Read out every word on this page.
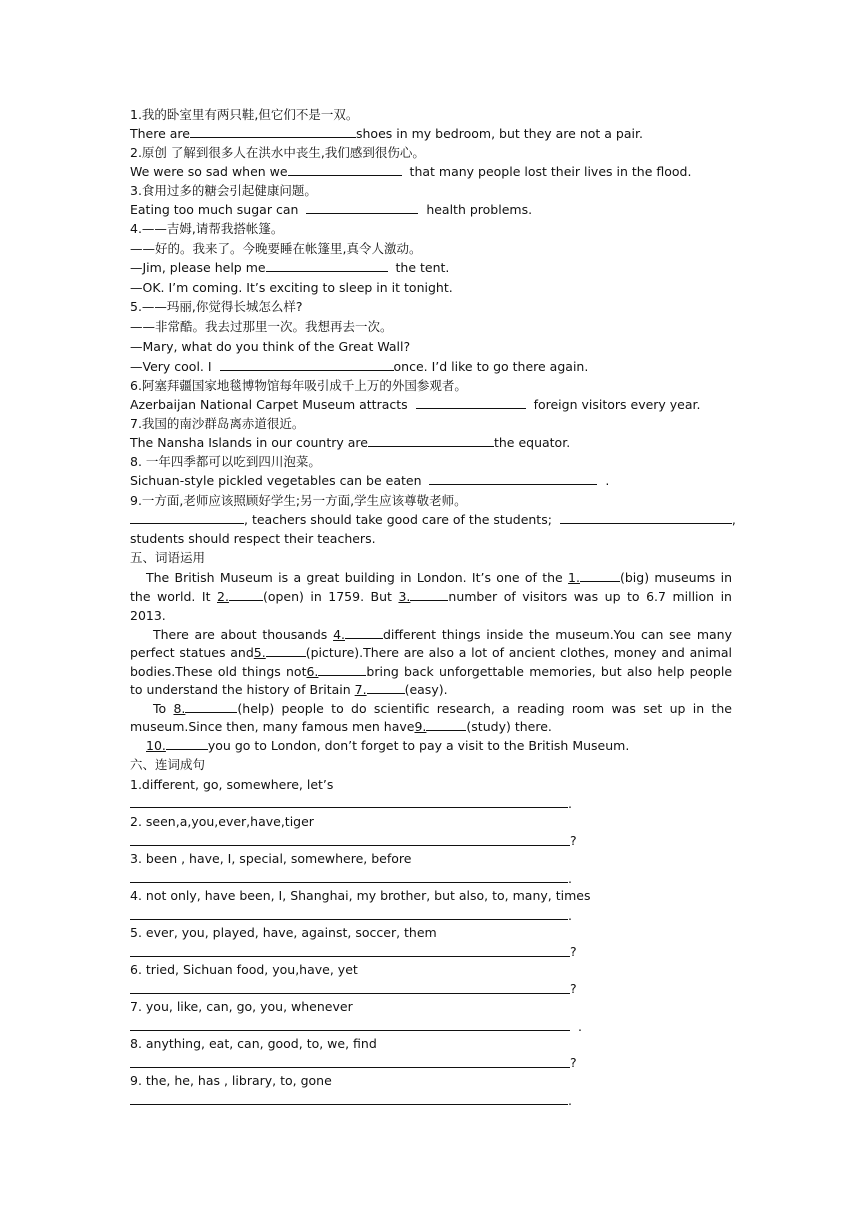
1.我的卧室里有两只鞋,但它们不是一双。
There are	shoes in my bedroom, but they are not a pair.
2.原创 了解到很多人在洪水中丧生,我们感到很伤心。
We were so sad when we	that many people lost their lives in the flood.
3.食用过多的糖会引起健康问题。
Eating too much sugar can	health problems.
4.——吉姆,请帮我搭帐篷。
——好的。我来了。今晚要睡在帐篷里,真令人激动。
—Jim, please help me	the tent.
—OK. I’m coming. It’s exciting to sleep in it tonight.
5.——玛丽,你觉得长城怎么样?
——非常酷。我去过那里一次。我想再去一次。
—Mary, what do you think of the Great Wall?
—Very cool. I	once. I’d like to go there again.
6.阿塞拜疆国家地毯博物馆每年吸引成千上万的外国参观者。
Azerbaijan National Carpet Museum attracts	foreign visitors every year.
7.我国的南沙群岛离赤道很近。
The Nansha Islands in our country are	the equator.
8. 一年四季都可以吃到四川泡菜。
Sichuan-style pickled vegetables can be eaten	.
9.一方面,老师应该照顾好学生;另一方面,学生应该尊敬老师。
, teachers should take good care of the students;	,
students should respect their teachers.
五、词语运用
The British Museum is a great building in London. It’s one of the 1.	(big) museums in
the world. It 2.	(open) in 1759. But 3.	number of visitors was up to 6.7 million in
2013.
There are about thousands 4.	different things inside the museum.You can see many
perfect statues and5.	(picture).There are also a lot of ancient clothes, money and animal
bodies.These old things not6.	bring back unforgettable memories, but also help people
to understand the history of Britain 7.	(easy).
To 8.	(help) people to do scientific research, a reading room was set up in the
museum.Since then, many famous men have9.	(study) there.
10.	you go to London, don’t forget to pay a visit to the British Museum.
六、连词成句
1.different, go, somewhere, let’s
.
2. seen,a,you,ever,have,tiger
?
3. been , have, I, special, somewhere, before
.
4. not only, have been, I, Shanghai, my brother, but also, to, many, times
.
5. ever, you, played, have, against, soccer, them
?
6. tried, Sichuan food, you,have, yet
?
7. you, like, can, go, you, whenever
.
8. anything, eat, can, good, to, we, find
?
9. the, he, has , library, to, gone
.
